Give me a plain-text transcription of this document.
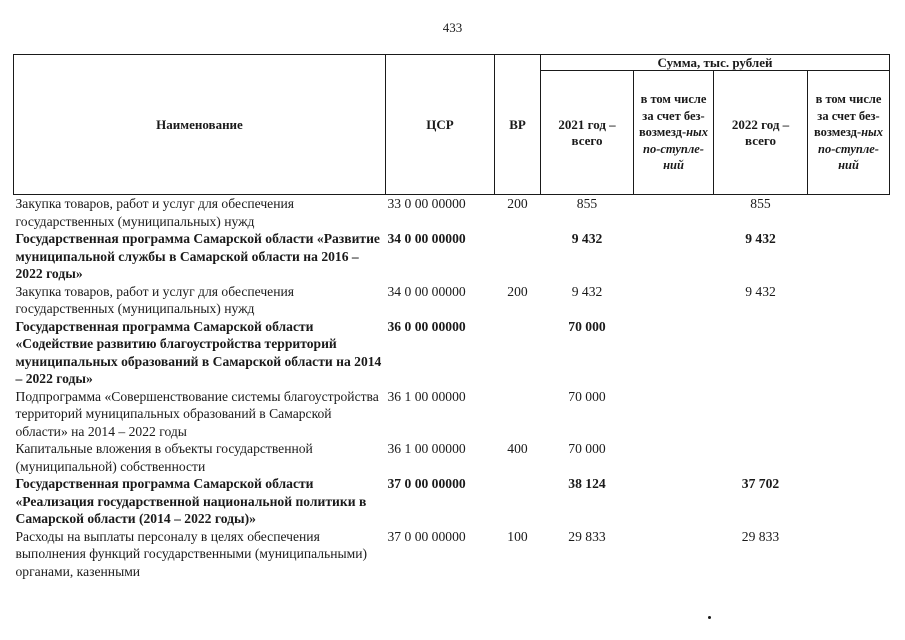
433
Наименование	ЦСР	ВР	Сумма, тыс. рублей			
			2021 год – всего	в том числе за счет без-возмезд-ных по-ступле-ний	2022 год – всего	в том числе за счет без-возмезд-ных по-ступле-ний
Закупка товаров, работ и услуг для обеспечения государственных (муниципальных) нужд	33 0 00 00000	200	855		855	
Государственная программа Самарской области «Развитие муниципальной службы в Самарской области на 2016 – 2022 годы»	34 0 00 00000		9 432		9 432	
Закупка товаров, работ и услуг для обеспечения государственных (муниципальных) нужд	34 0 00 00000	200	9 432		9 432	
Государственная программа Самарской области «Содействие развитию благоустройства территорий муниципальных образований в Самарской области на 2014 – 2022 годы»	36 0 00 00000		70 000			
Подпрограмма «Совершенствование системы благоустройства территорий муниципальных образований в Самарской области» на 2014 – 2022 годы	36 1 00 00000		70 000			
Капитальные вложения в объекты государственной (муниципальной) собственности	36 1 00 00000	400	70 000			
Государственная программа Самарской области «Реализация государственной национальной политики в Самарской области (2014 – 2022 годы)»	37 0 00 00000		38 124		37 702	
Расходы на выплаты персоналу в целях обеспечения выполнения функций государственными (муниципальными) органами, казенными	37 0 00 00000	100	29 833		29 833	
